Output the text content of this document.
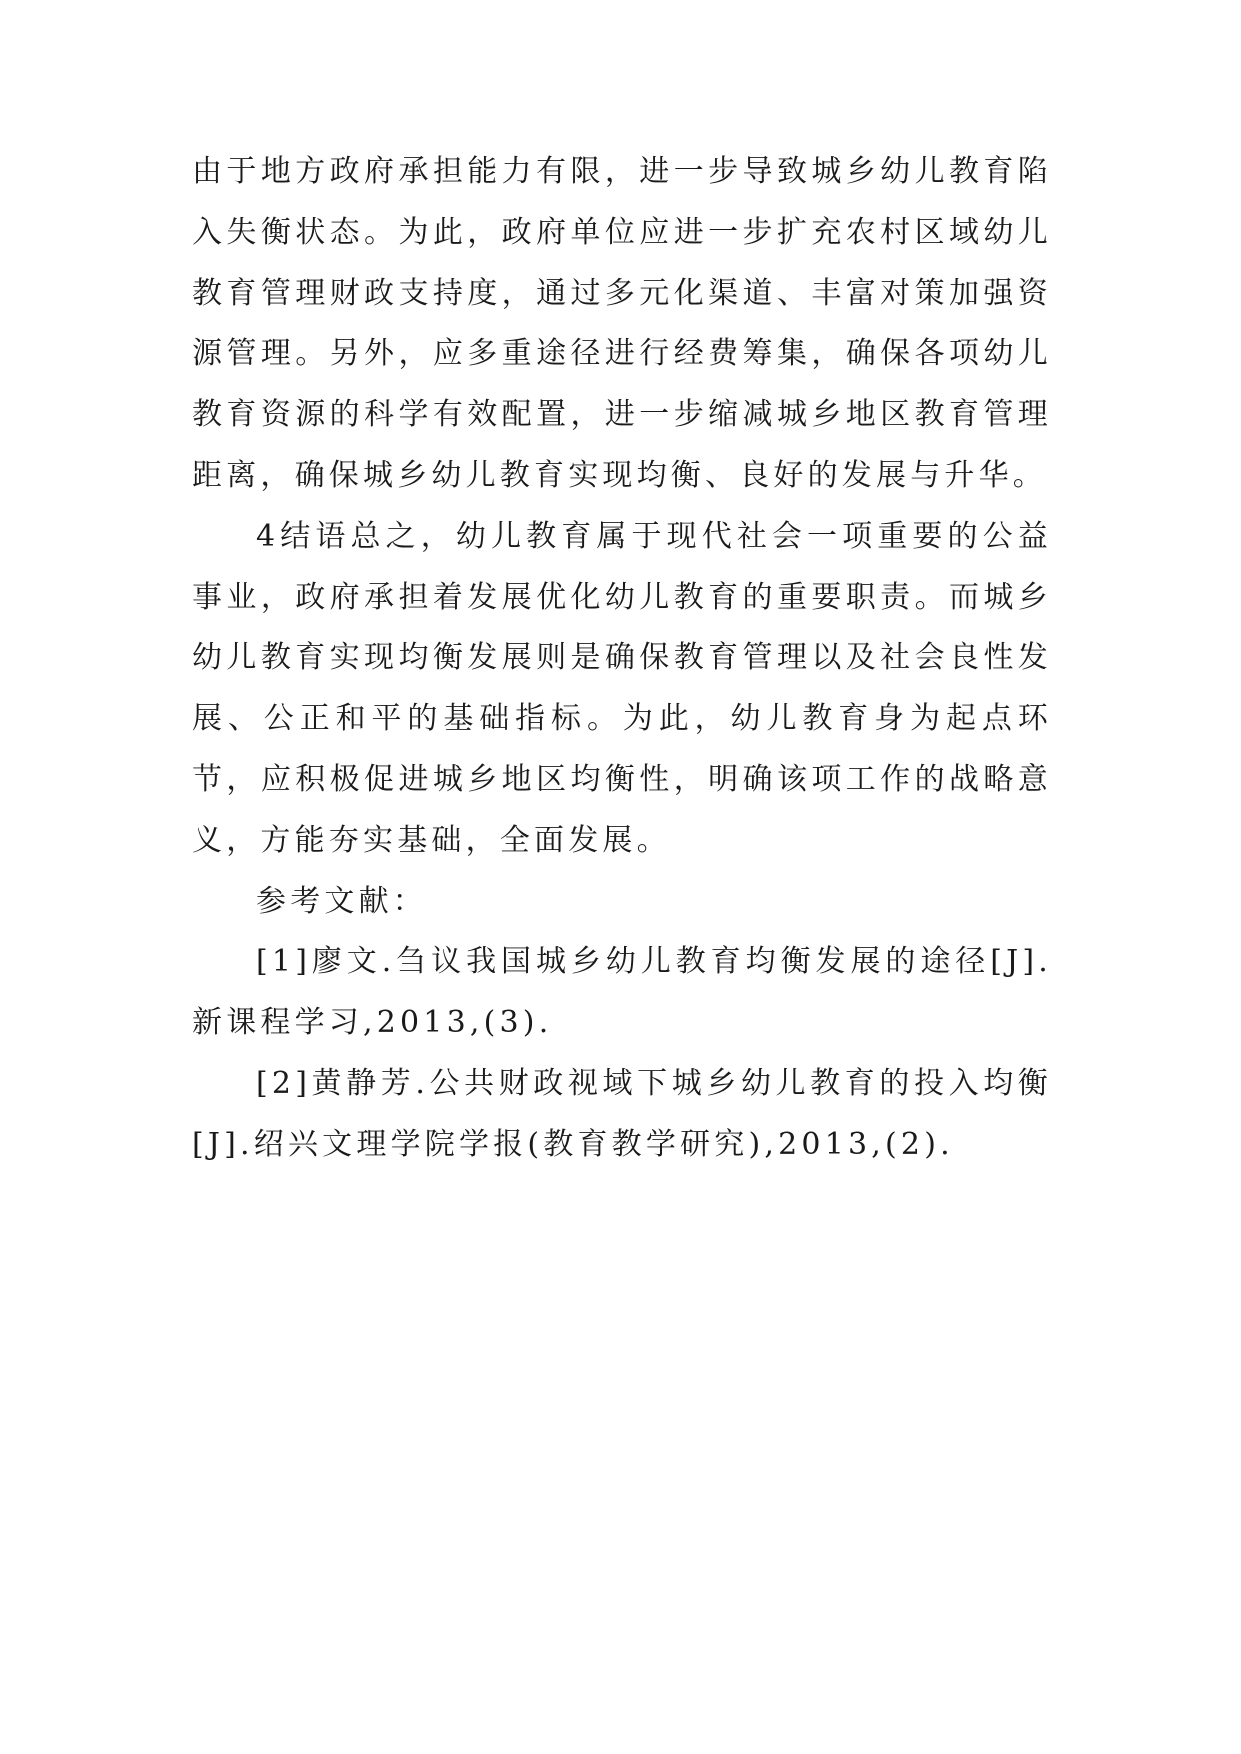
由于地方政府承担能力有限，进一步导致城乡幼儿教育陷入失衡状态。为此，政府单位应进一步扩充农村区域幼儿教育管理财政支持度，通过多元化渠道、丰富对策加强资源管理。另外，应多重途径进行经费筹集，确保各项幼儿教育资源的科学有效配置，进一步缩减城乡地区教育管理距离，确保城乡幼儿教育实现均衡、良好的发展与升华。

4结语总之，幼儿教育属于现代社会一项重要的公益事业，政府承担着发展优化幼儿教育的重要职责。而城乡幼儿教育实现均衡发展则是确保教育管理以及社会良性发展、公正和平的基础指标。为此，幼儿教育身为起点环节，应积极促进城乡地区均衡性，明确该项工作的战略意义，方能夯实基础，全面发展。

参考文献：

[1]廖文.刍议我国城乡幼儿教育均衡发展的途径[J].新课程学习,2013,(3).

[2]黄静芳.公共财政视域下城乡幼儿教育的投入均衡[J].绍兴文理学院学报(教育教学研究),2013,(2).
